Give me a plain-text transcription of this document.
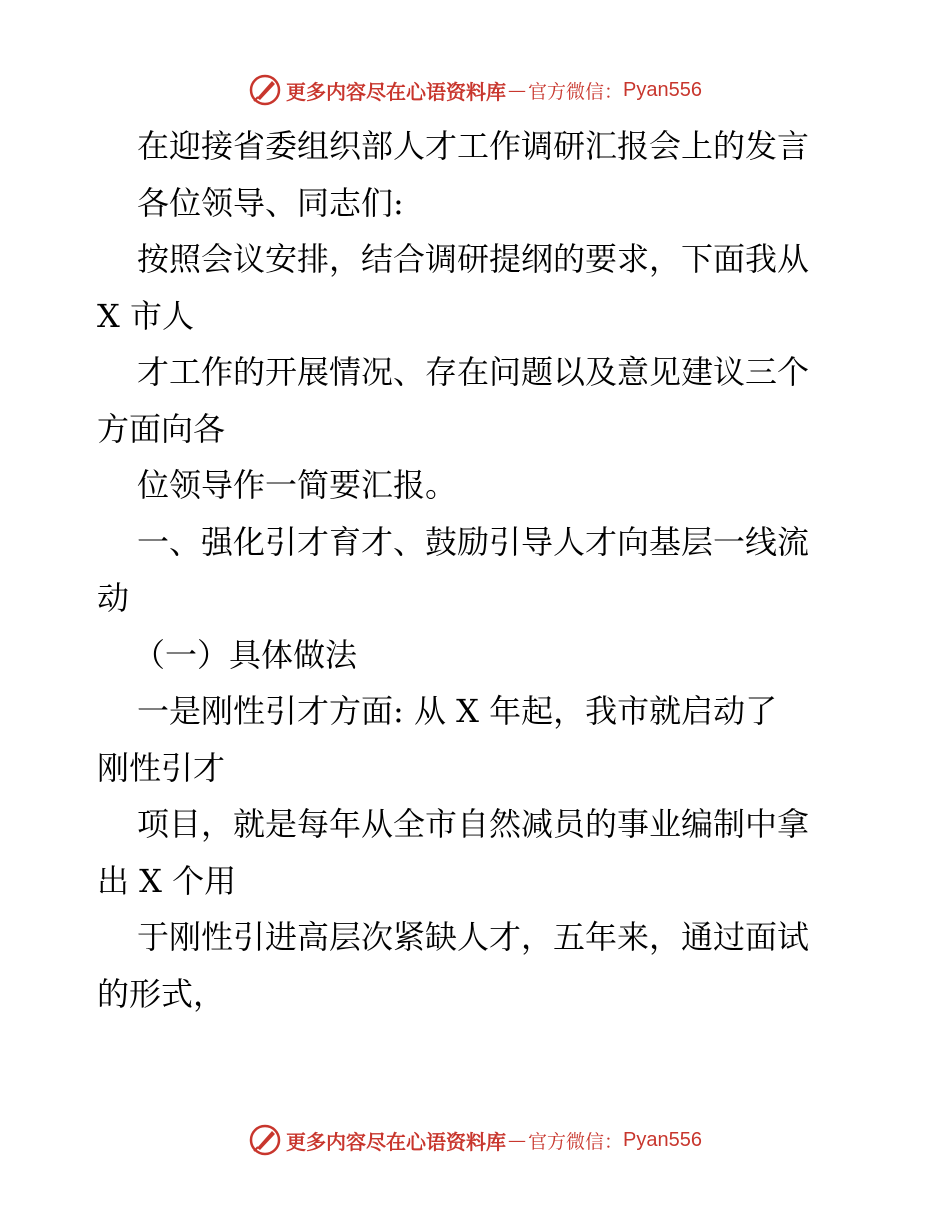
更多内容尽在心语资料库 — 官方微信： Pyan556
在迎接省委组织部人才工作调研汇报会上的发言
各位领导、同志们:
按照会议安排，结合调研提纲的要求，下面我从
X 市人
才工作的开展情况、存在问题以及意见建议三个
方面向各
位领导作一简要汇报。
一、强化引才育才、鼓励引导人才向基层一线流
动
（一）具体做法
一是刚性引才方面: 从 X 年起，我市就启动了
刚性引才
项目，就是每年从全市自然减员的事业编制中拿
出 X 个用
于刚性引进高层次紧缺人才，五年来，通过面试
的形式，
更多内容尽在心语资料库 — 官方微信： Pyan556
